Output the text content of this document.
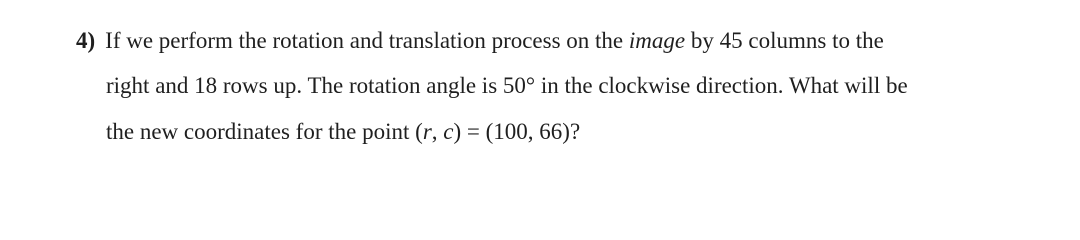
4) If we perform the rotation and translation process on the image by 45 columns to the
right and 18 rows up. The rotation angle is 50° in the clockwise direction. What will be
the new coordinates for the point (r, c) = (100, 66)?
